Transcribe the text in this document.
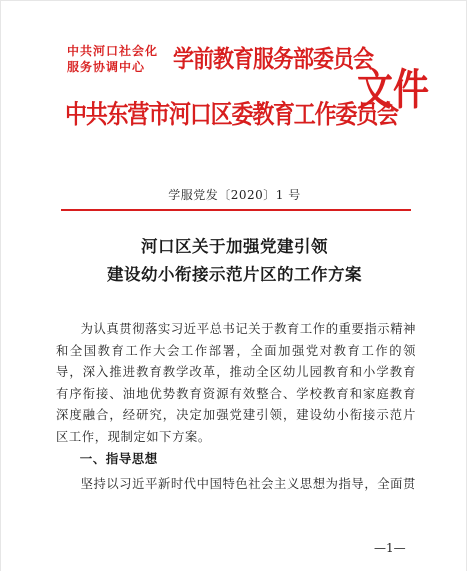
中共河口社会化
服务协调中心	学前教育服务部委员会
中共东营市河口区委教育工作委员会
文件
学服党发〔2020〕1 号
河口区关于加强党建引领
建设幼小衔接示范片区的工作方案

为认真贯彻落实习近平总书记关于教育工作的重要指示精神和全国教育工作大会工作部署，全面加强党对教育工作的领导，深入推进教育教学改革，推动全区幼儿园教育和小学教育有序衔接、油地优势教育资源有效整合、学校教育和家庭教育深度融合，经研究，决定加强党建引领，建设幼小衔接示范片区工作，现制定如下方案。

一、指导思想

坚持以习近平新时代中国特色社会主义思想为指导，全面贯

—1—
